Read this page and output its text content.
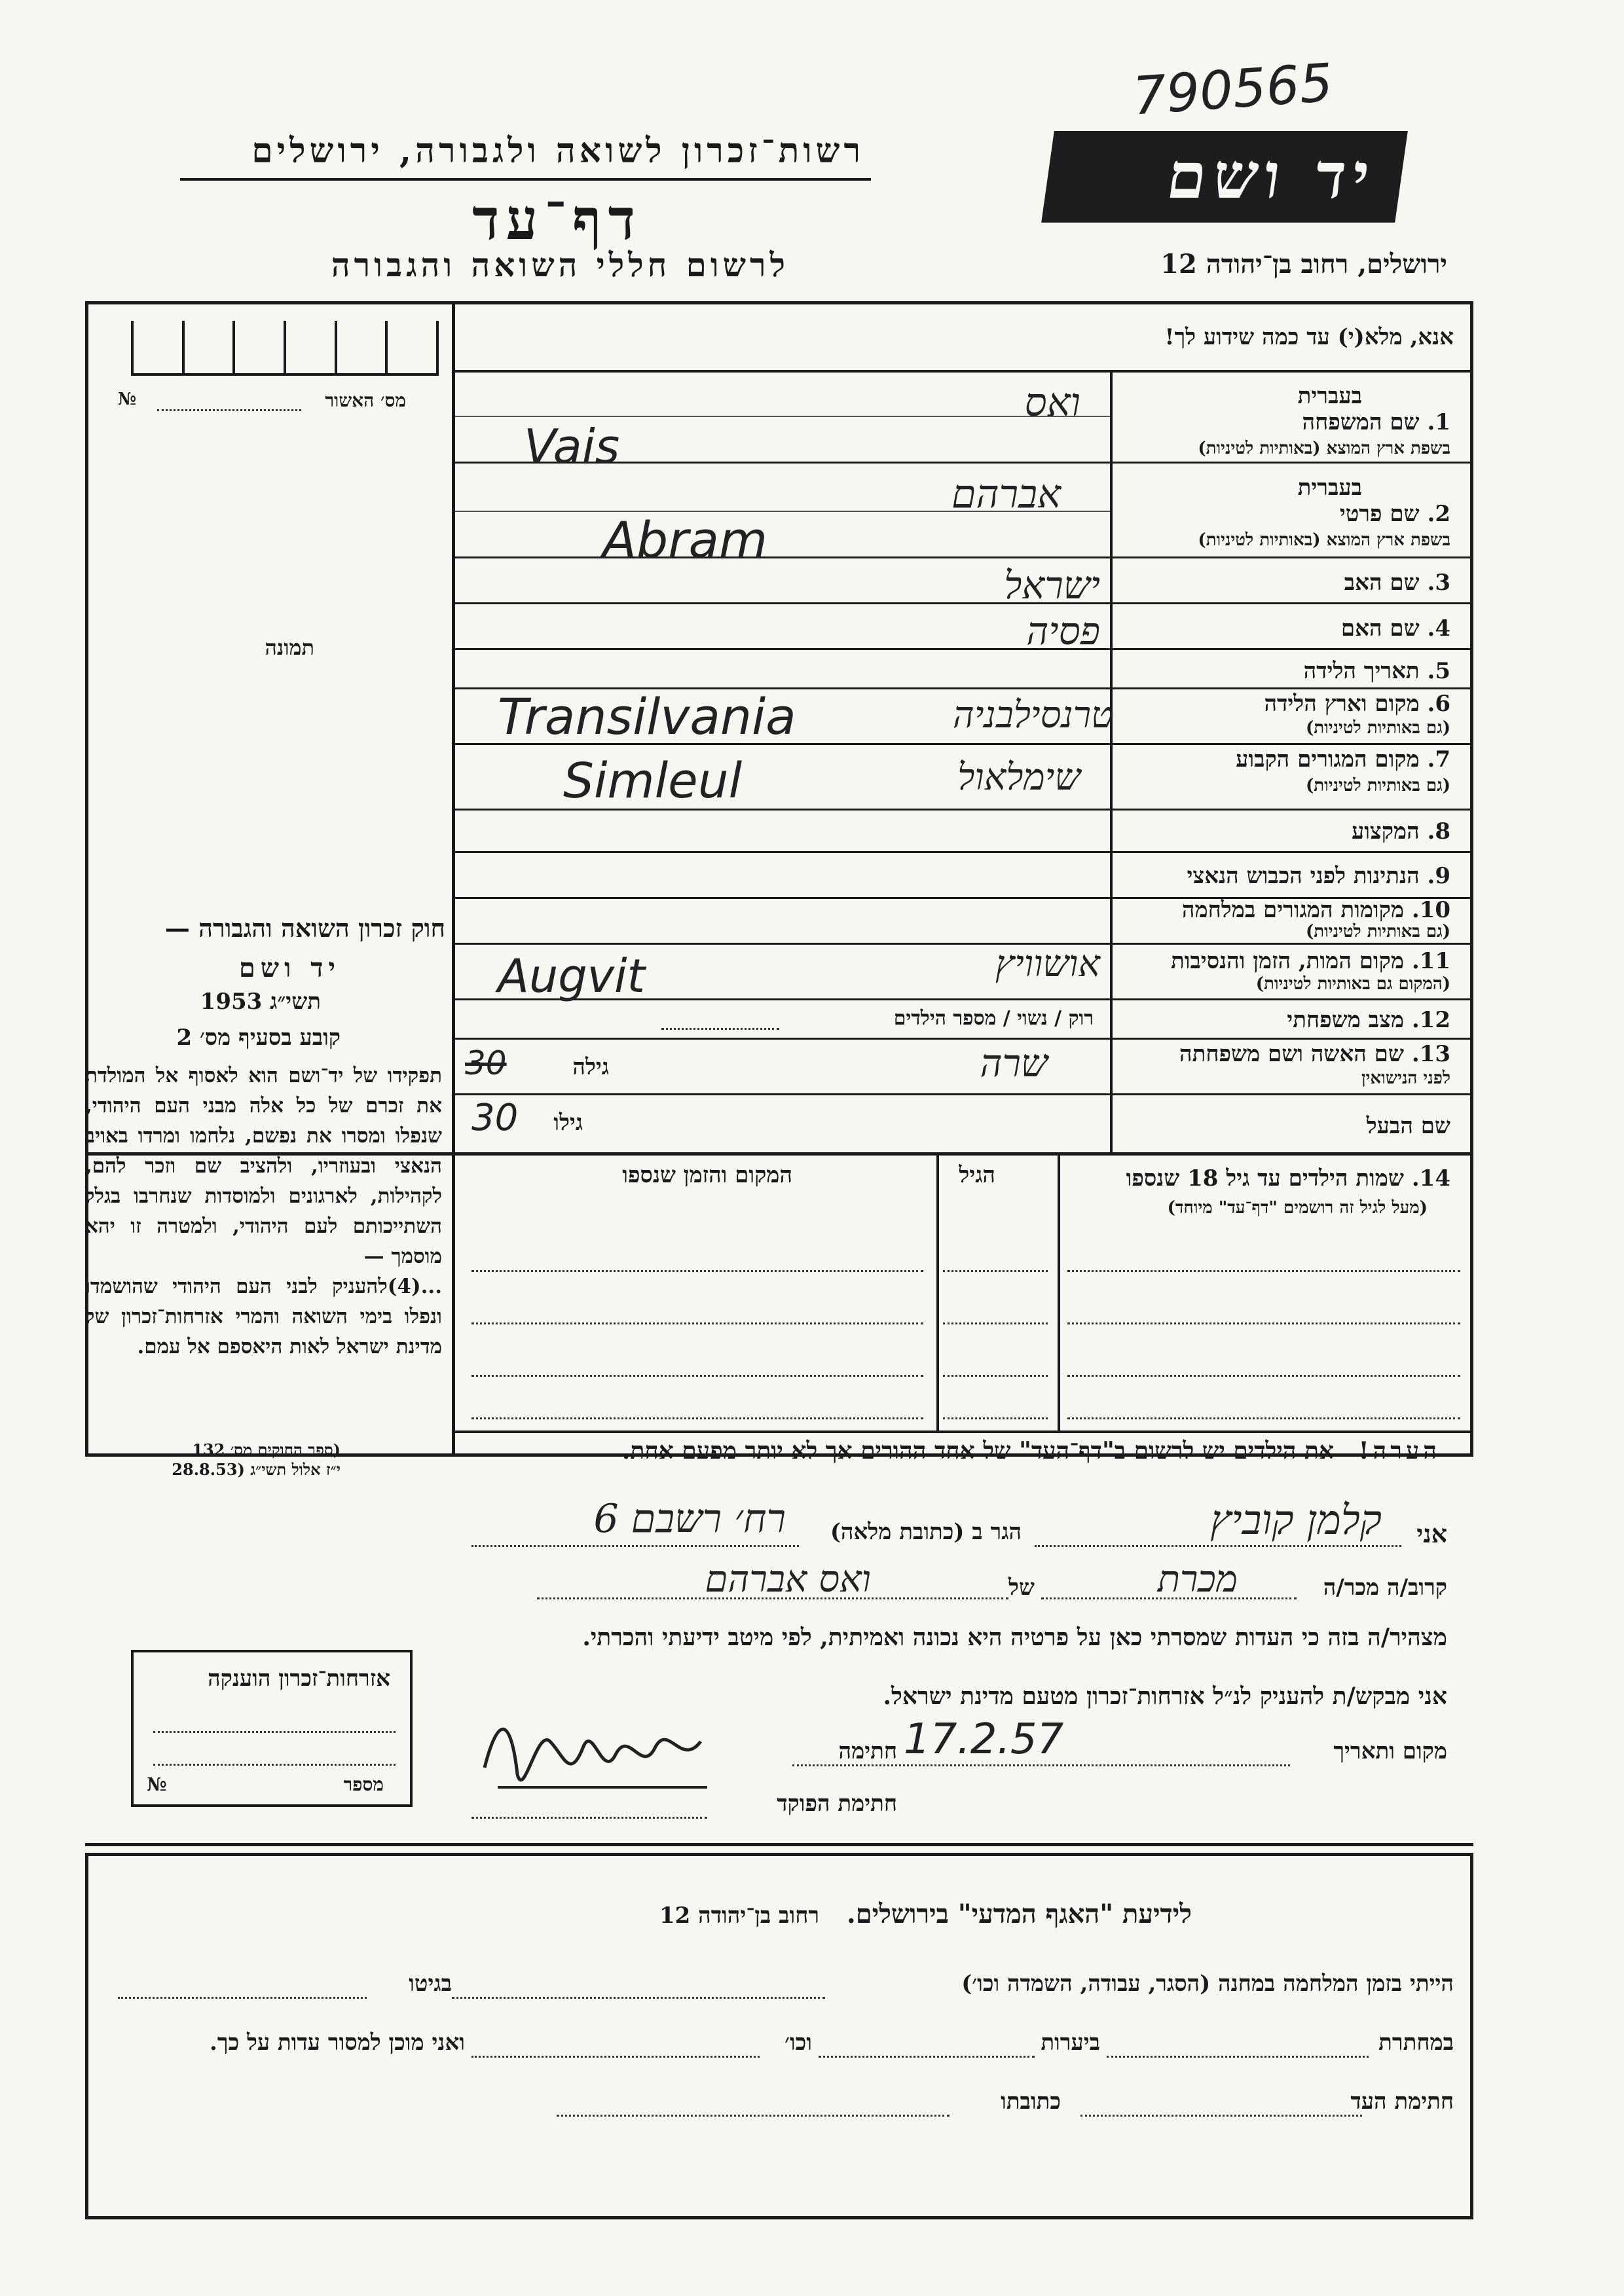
790565
רשות־זכרון לשואה ולגבורה, ירושלים
דף־עד
לרשום חללי השואה והגבורה
יד ושם
ירושלים, רחוב בן־יהודה 12
מס׳ האשור
№
תמונה
אנא, מלא(י) עד כמה שידוע לך!
בעברית
1. שם המשפחה
בשפת ארץ המוצא (באותיות לטיניות)
ואס
Vais
בעברית
2. שם פרטי
בשפת ארץ המוצא (באותיות לטיניות)
אברהם
Abram
3. שם האב
ישראל
4. שם האם
פסיה
5. תאריך הלידה
6. מקום וארץ הלידה
(גם באותיות לטיניות)
טרנסילבניה
Transilvania
7. מקום המגורים הקבוע
(גם באותיות לטיניות)
שימלאול
Simleul
8. המקצוע
9. הנתינות לפני הכבוש הנאצי
10. מקומות המגורים במלחמה
(גם באותיות לטיניות)
11. מקום המות, הזמן והנסיבות
(המקום גם באותיות לטיניות)
אושוויץ
Augvit
12. מצב משפחתי
רוק / נשוי / מספר הילדים
13. שם האשה ושם משפחתה
לפני הנישואין
שרה
גילה
30
שם הבעל
גילו
30
14. שמות הילדים עד גיל 18 שנספו
(מעל לגיל זה רושמים "דף־עד" מיוחד)
הגיל
המקום והזמן שנספו
הערה!   את הילדים יש לרשום ב"דף־העד" של אחד ההורים אך לא יותר מפעם אחת.
חוק זכרון השואה והגבורה —
יד ושם
תשי״ג 1953
קובע בסעיף מס׳ 2
תפקידו של יד־ושם הוא לאסוף אל המולדת את זכרם של כל אלה מבני העם היהודי, שנפלו ומסרו את נפשם, נלחמו ומרדו באויב הנאצי ובעוזריו, ולהציב שם וזכר להם, לקהילות, לארגונים ולמוסדות שנחרבו בגלל השתייכותם לעם היהודי, ולמטרה זו יהא מוסמך —
...(4)להעניק לבני העם היהודי שהושמדו ונפלו בימי השואה והמרי אזרחות־זכרון של מדינת ישראל לאות היאספם אל עמם.
(ספר החוקים מס׳ 132
י״ז אלול תשי״ג (28.8.53
אני
קלמן קוביץ
הגר ב (כתובת מלאה)
רח׳ רשבם 6
קרוב/ה מכר/ה
מכרת
של
ואס אברהם
מצהיר/ה בזה כי העדות שמסרתי כאן על פרטיה היא נכונה ואמיתית, לפי מיטב ידיעתי והכרתי.
אני מבקש/ת להעניק לנ״ל אזרחות־זכרון מטעם מדינת ישראל.
מקום ותאריך
17.2.57
חתימה
חתימת הפוקד
אזרחות־זכרון הוענקה
מספר
№
לידיעת "האגף המדעי" בירושלים.   רחוב בן־יהודה 12
הייתי בזמן המלחמה במחנה (הסגר, עבודה, השמדה וכו׳)
בגיטו
במחתרת
ביערות
וכו׳
ואני מוכן למסור עדות על כך.
חתימת העד
כתובתו
